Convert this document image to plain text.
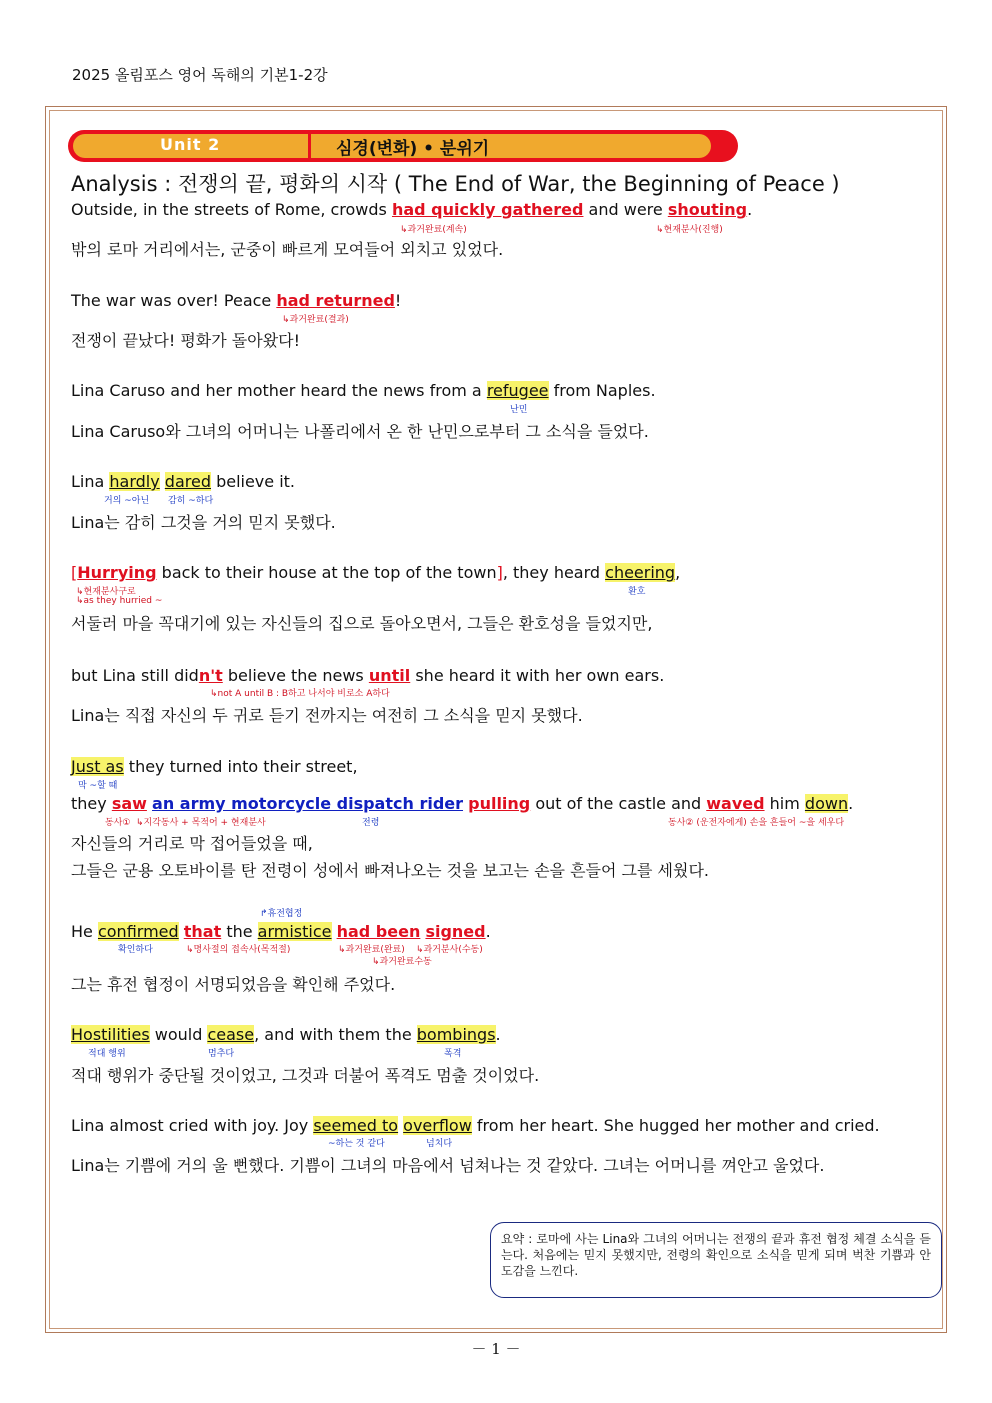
2025 올림포스 영어 독해의 기본1-2강
Unit 2	심경(변화) • 분위기
Analysis : 전쟁의 끝, 평화의 시작 ( The End of War, the Beginning of Peace )
Outside, in the streets of Rome, crowds had quickly gathered and were shouting.
↳과거완료(계속)	↳현재분사(진행)
밖의 로마 거리에서는, 군중이 빠르게 모여들어 외치고 있었다.
The war was over! Peace had returned!
↳과거완료(결과)
전쟁이 끝났다! 평화가 돌아왔다!
Lina Caruso and her mother heard the news from a refugee from Naples.
난민
Lina Caruso와 그녀의 어머니는 나폴리에서 온 한 난민으로부터 그 소식을 들었다.
Lina hardly dared believe it.
거의 ~아닌 감히 ~하다
Lina는 감히 그것을 거의 믿지 못했다.
[Hurrying back to their house at the top of the town], they heard cheering,
↳현재분사구로
↳as they hurried ~
환호
서둘러 마을 꼭대기에 있는 자신들의 집으로 돌아오면서, 그들은 환호성을 들었지만,
but Lina still didn't believe the news until she heard it with her own ears.
↳not A until B : B하고 나서야 비로소 A하다
Lina는 직접 자신의 두 귀로 듣기 전까지는 여전히 그 소식을 믿지 못했다.
Just as they turned into their street,
막 ~할 때
they saw an army motorcycle dispatch rider pulling out of the castle and waved him down.
동사① ↳지각동사 + 목적어 + 현재분사	전령	동사② (운전자에게) 손을 흔들어 ~을 세우다
자신들의 거리로 막 접어들었을 때,
그들은 군용 오토바이를 탄 전령이 성에서 빠져나오는 것을 보고는 손을 흔들어 그를 세웠다.
↱휴전협정
He confirmed that the armistice had been signed.
확인하다	↳명사절의 접속사(목적절)	↳과거완료(완료) ↳과거분사(수동)
↳과거완료수동
그는 휴전 협정이 서명되었음을 확인해 주었다.
Hostilities would cease, and with them the bombings.
적대 행위	멈추다	폭격
적대 행위가 중단될 것이었고, 그것과 더불어 폭격도 멈출 것이었다.
Lina almost cried with joy. Joy seemed to overflow from her heart. She hugged her mother and cried.
~하는 것 같다	넘치다
Lina는 기쁨에 거의 울 뻔했다. 기쁨이 그녀의 마음에서 넘쳐나는 것 같았다. 그녀는 어머니를 껴안고 울었다.
요약 : 로마에 사는 Lina와 그녀의 어머니는 전쟁의 끝과 휴전 협정 체결 소식을 듣는다. 처음에는 믿지 못했지만, 전령의 확인으로 소식을 믿게 되며 벅찬 기쁨과 안도감을 느낀다.
－ 1 －
